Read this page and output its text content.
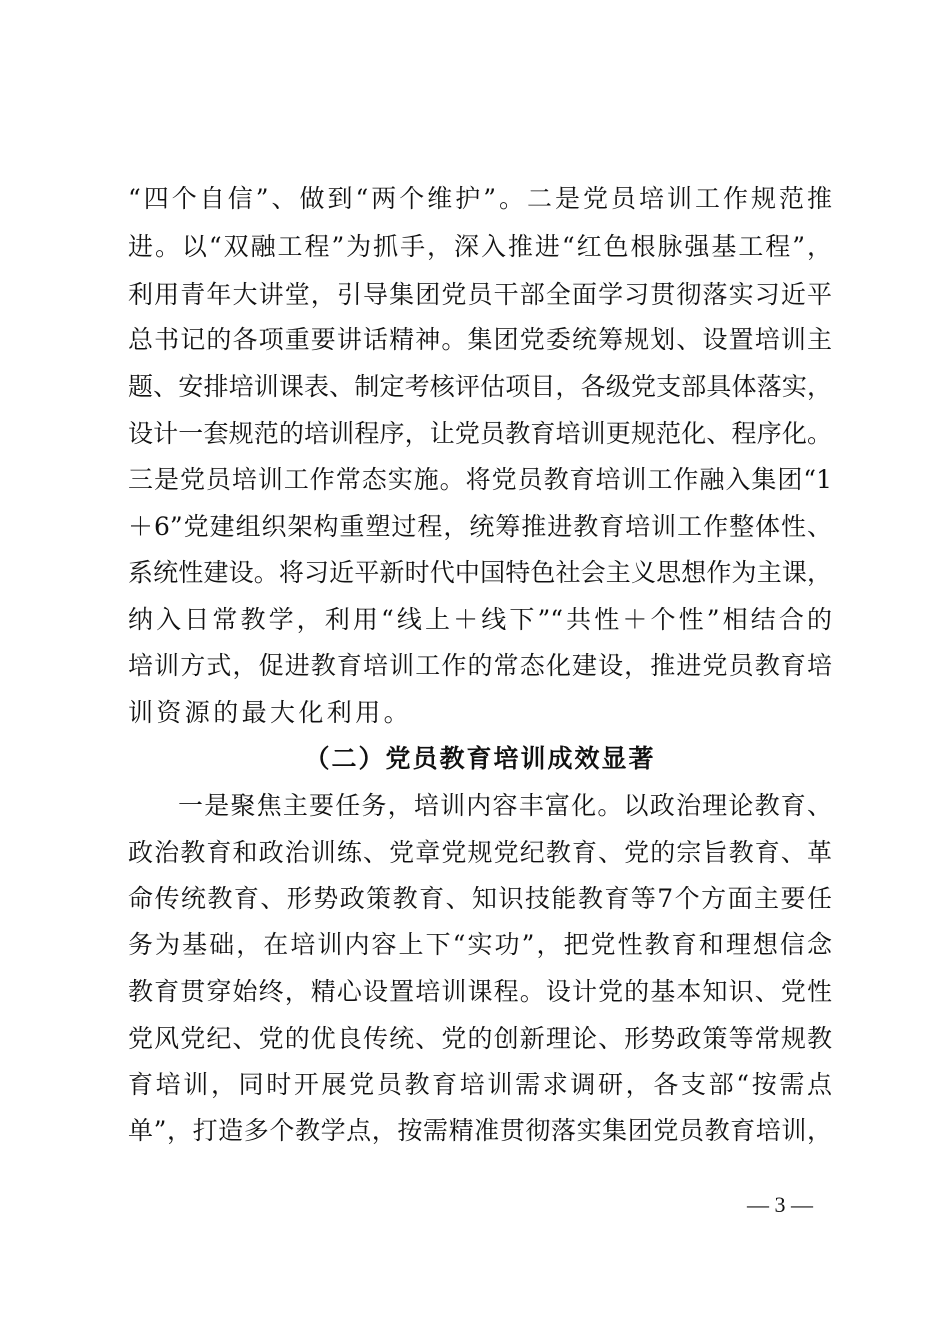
“四个自信”、做到“两个维护”。二是党员培训工作规范推
进。以“双融工程”为抓手，深入推进“红色根脉强基工程”，
利用青年大讲堂，引导集团党员干部全面学习贯彻落实习近平
总书记的各项重要讲话精神。集团党委统筹规划、设置培训主
题、安排培训课表、制定考核评估项目，各级党支部具体落实，
设计一套规范的培训程序，让党员教育培训更规范化、程序化。
三是党员培训工作常态实施。将党员教育培训工作融入集团“1
＋6”党建组织架构重塑过程，统筹推进教育培训工作整体性、
系统性建设。将习近平新时代中国特色社会主义思想作为主课，
纳入日常教学，利用“线上＋线下”“共性＋个性”相结合的
培训方式，促进教育培训工作的常态化建设，推进党员教育培
训资源的最大化利用。
（二）党员教育培训成效显著
一是聚焦主要任务，培训内容丰富化。以政治理论教育、
政治教育和政治训练、党章党规党纪教育、党的宗旨教育、革
命传统教育、形势政策教育、知识技能教育等7个方面主要任
务为基础，在培训内容上下“实功”，把党性教育和理想信念
教育贯穿始终，精心设置培训课程。设计党的基本知识、党性
党风党纪、党的优良传统、党的创新理论、形势政策等常规教
育培训，同时开展党员教育培训需求调研，各支部“按需点
单”，打造多个教学点，按需精准贯彻落实集团党员教育培训，
— 3 —
